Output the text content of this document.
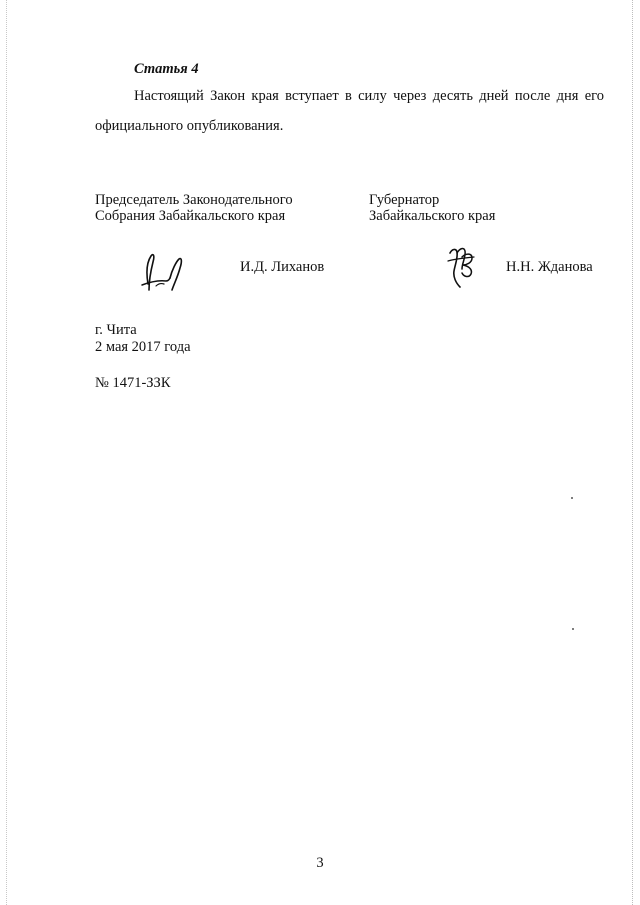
Статья 4
Настоящий Закон края вступает в силу через десять дней после дня его
официального опубликования.
Председатель Законодательного
Собрания Забайкальского края
Губернатор
Забайкальского края
И.Д. Лиханов	Н.Н. Жданова
г. Чита
2 мая 2017 года
№ 1471-ЗЗК
3
